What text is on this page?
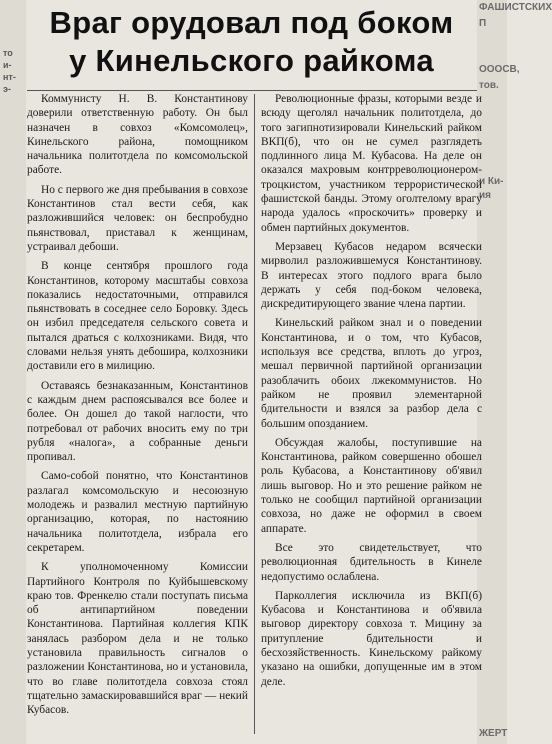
то
и-
нт-
э-
ФАШИСТСКИХ
П
ОООСВ,
тов.
и Ки-
ия
ЖЕРТ
Враг орудовал под боком
у Кинельского райкома

Коммунисту Н. В. Константинову доверили ответственную работу. Он был назначен в совхоз «Комсомолец», Кинельского района, помощником начальника политотдела по комсомольской работе.

Но с первого же дня пребывания в совхозе Константинов стал вести себя, как разложившийся человек: он беспробудно пьянствовал, приставал к женщинам, устраивал дебоши.

В конце сентября прошлого года Константинов, которому масштабы совхоза показались недостаточными, отправился пьянствовать в соседнее село Боровку. Здесь он избил председателя сельского совета и пытался драться с колхозниками. Видя, что словами нельзя унять дебошира, колхозники доставили его в милицию.

Оставаясь безнаказанным, Константинов с каждым днем распоясывался все более и более. Он дошел до такой наглости, что потребовал от рабочих вносить ему по три рубля «налога», а собранные деньги пропивал.

Само-собой понятно, что Константинов разлагал комсомольскую и несоюзную молодежь и развалил местную партийную организацию, которая, по настоянию начальника политотдела, избрала его секретарем.

К уполномоченному Комиссии Партийного Контроля по Куйбышевскому краю тов. Френкелю стали поступать письма об антипартийном поведении Константинова. Партийная коллегия КПК занялась разбором дела и не только установила правильность сигналов о разложении Константинова, но и установила, что во главе политотдела совхоза стоял тщательно замаскировавшийся враг — некий Кубасов.

Революционные фразы, которыми везде и всюду щеголял начальник политотдела, до того загипнотизировали Кинельский райком ВКП(б), что он не сумел разглядеть подлинного лица М. Кубасова. На деле он оказался махровым контрреволюционером-троцкистом, участником террористической фашистской банды. Этому оголтелому врагу народа удалось «проскочить» проверку и обмен партийных документов.

Мерзавец Кубасов недаром всячески мирволил разложившемуся Константинову. В интересах этого подлого врага было держать у себя под-боком человека, дискредитирующего звание члена партии.

Кинельский райком знал и о поведении Константинова, и о том, что Кубасов, используя все средства, вплоть до угроз, мешал первичной партийной организации разоблачить обоих лжекоммунистов. Но райком не проявил элементарной бдительности и взялся за разбор дела с большим опозданием.

Обсуждая жалобы, поступившие на Константинова, райком совершенно обошел роль Кубасова, а Константинову об'явил лишь выговор. Но и это решение райком не только не сообщил партийной организации совхоза, но даже не оформил в своем аппарате.

Все это свидетельствует, что революционная бдительность в Кинеле недопустимо ослаблена.

Парколлегия исключила из ВКП(б) Кубасова и Константинова и об'явила выговор директору совхоза т. Мицину за притупление бдительности и бесхозяйственность. Кинельскому райкому указано на ошибки, допущенные им в этом деле.
